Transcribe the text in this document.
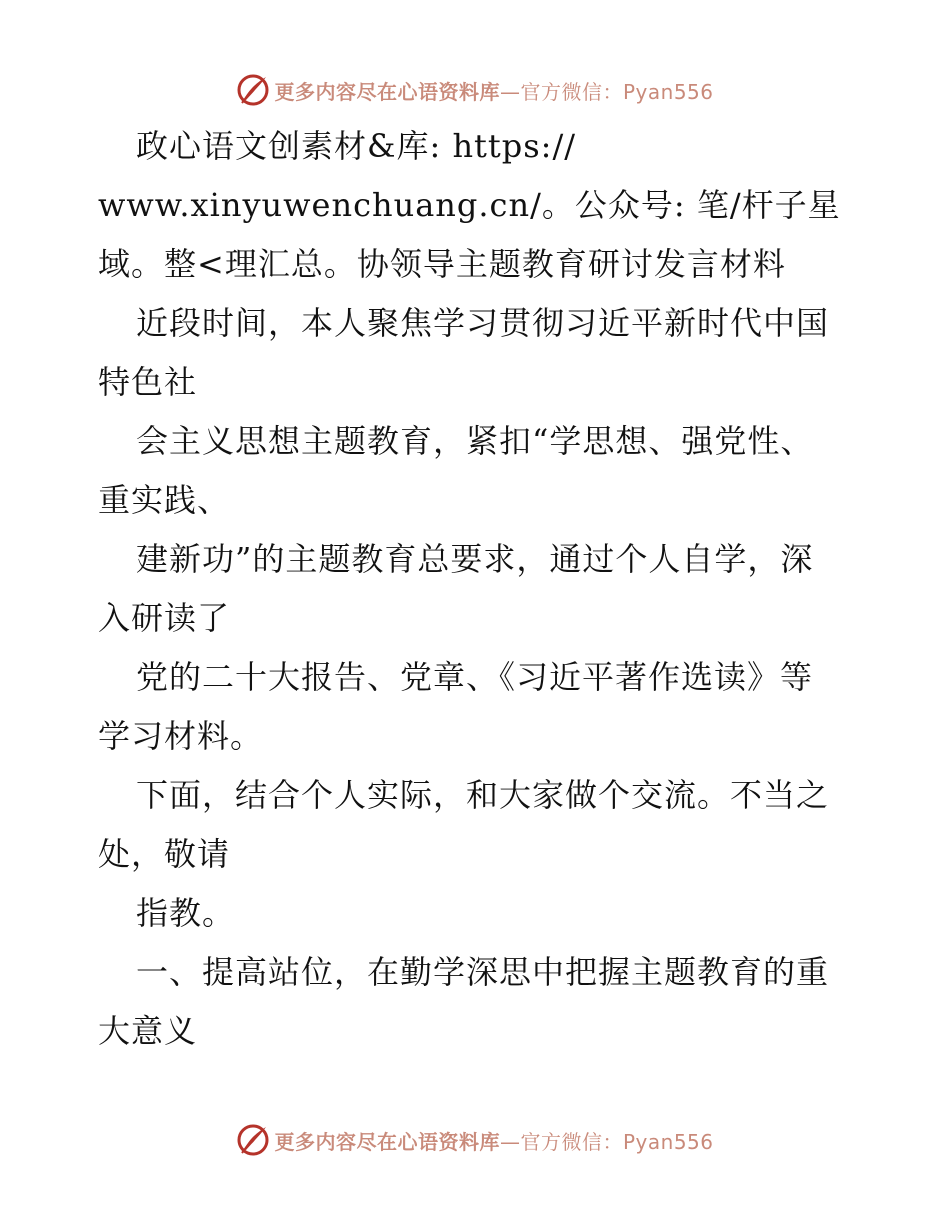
更多内容尽在心语资料库—官方微信：Pyan556
政心语文创素材&库: https://
www.xinyuwenchuang.cn/。公众号: 笔/杆子星
域。整<理汇总。协领导主题教育研讨发言材料
近段时间，本人聚焦学习贯彻习近平新时代中国
特色社
会主义思想主题教育，紧扣“学思想、强党性、
重实践、
建新功”的主题教育总要求，通过个人自学，深
入研读了
党的二十大报告、党章、《习近平著作选读》等
学习材料。
下面，结合个人实际，和大家做个交流。不当之
处，敬请
指教。
一、提高站位，在勤学深思中把握主题教育的重
大意义
更多内容尽在心语资料库—官方微信：Pyan556
